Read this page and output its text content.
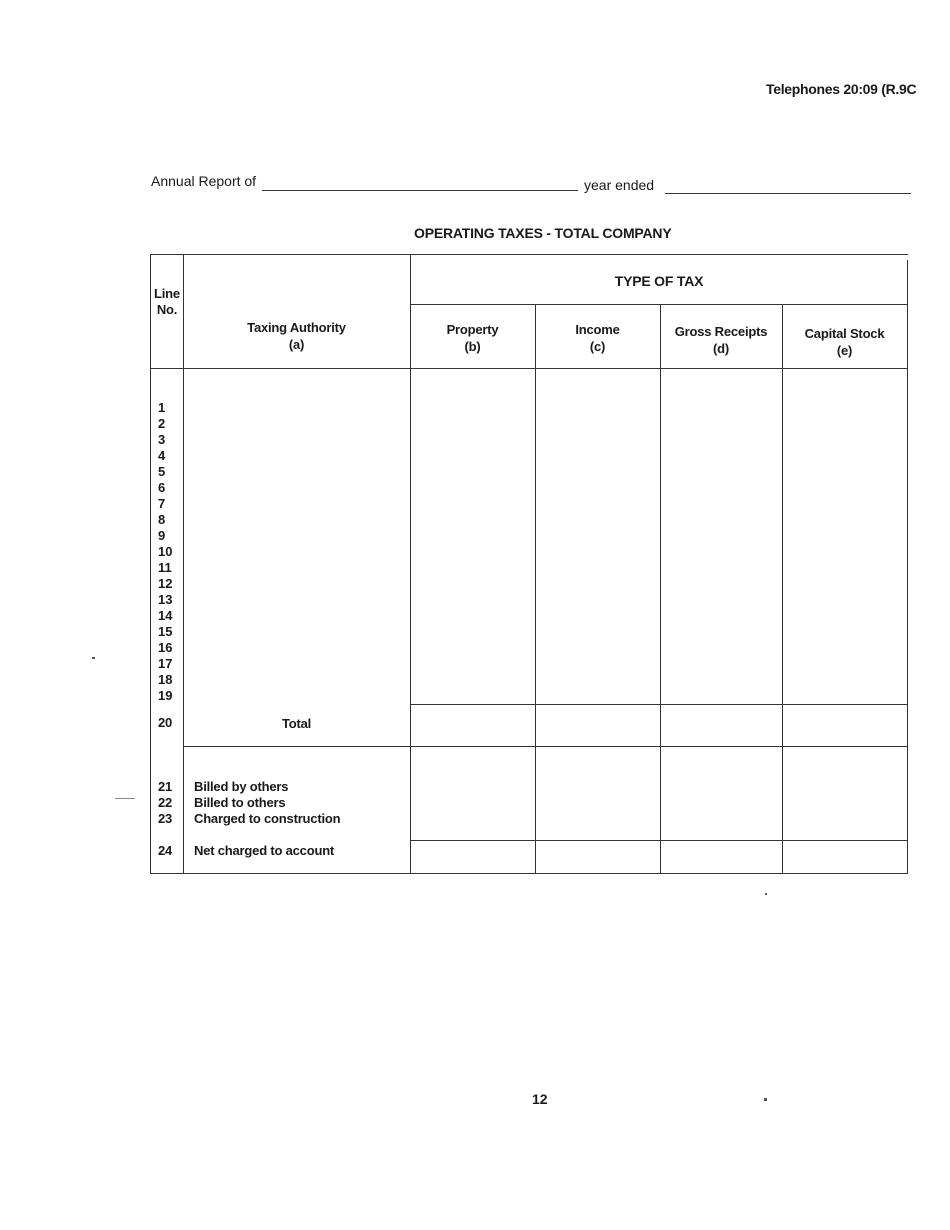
Telephones 20:09 (R.9C
Annual Report of	year ended
OPERATING TAXES - TOTAL COMPANY
Line No.
Taxing Authority
(a)
TYPE OF TAX
Property
(b)
Income
(c)
Gross Receipts
(d)
Capital Stock
(e)
1
2
3
4
5
6
7
8
9
10
11
12
13
14
15
16
17
18
19
20	Total
21 Billed by others
22 Billed to others
23 Charged to construction
24 Net charged to account
12
